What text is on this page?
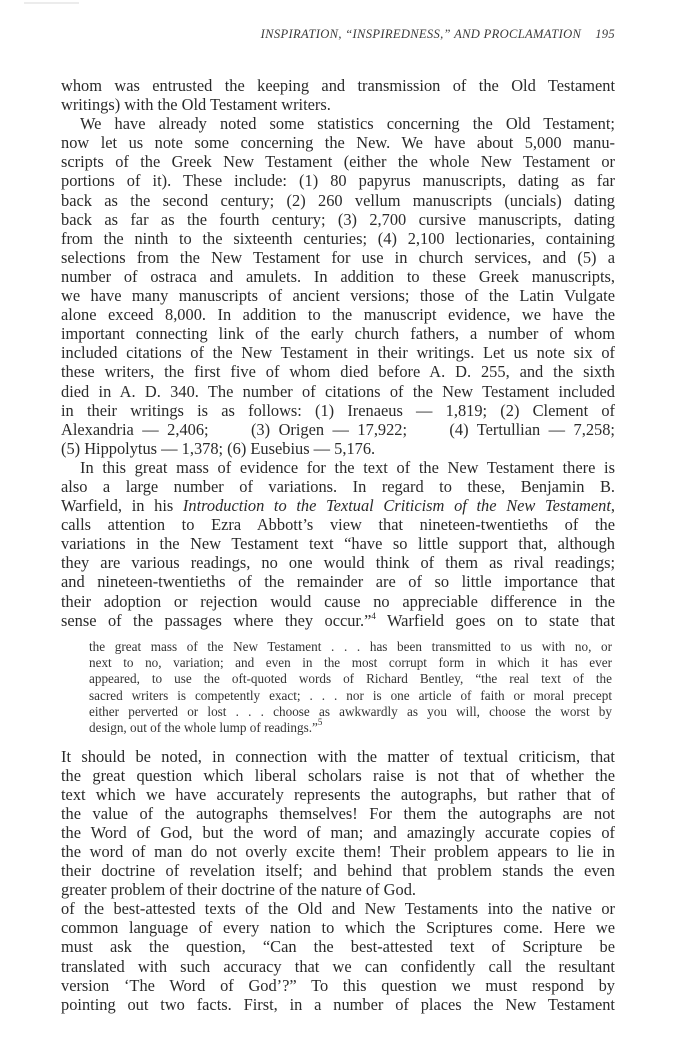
INSPIRATION, “INSPIREDNESS,” AND PROCLAMATION 195
whom was entrusted the keeping and transmission of the Old Testament
writings) with the Old Testament writers.
We have already noted some statistics concerning the Old Testament;
now let us note some concerning the New. We have about 5,000 manu-
scripts of the Greek New Testament (either the whole New Testament or
portions of it). These include: (1) 80 papyrus manuscripts, dating as far
back as the second century; (2) 260 vellum manuscripts (uncials) dating
back as far as the fourth century; (3) 2,700 cursive manuscripts, dating
from the ninth to the sixteenth centuries; (4) 2,100 lectionaries, containing
selections from the New Testament for use in church services, and (5) a
number of ostraca and amulets. In addition to these Greek manuscripts,
we have many manuscripts of ancient versions; those of the Latin Vulgate
alone exceed 8,000. In addition to the manuscript evidence, we have the
important connecting link of the early church fathers, a number of whom
included citations of the New Testament in their writings. Let us note six of
these writers, the first five of whom died before A. D. 255, and the sixth
died in A. D. 340. The number of citations of the New Testament included
in their writings is as follows: (1) Irenaeus — 1,819; (2) Clement of
Alexandria — 2,406;     (3) Origen — 17,922;     (4) Tertullian — 7,258;
(5) Hippolytus — 1,378; (6) Eusebius — 5,176.
In this great mass of evidence for the text of the New Testament there is
also a large number of variations. In regard to these, Benjamin B.
Warfield, in his Introduction to the Textual Criticism of the New Testament,
calls attention to Ezra Abbott’s view that nineteen-twentieths of the
variations in the New Testament text “have so little support that, although
they are various readings, no one would think of them as rival readings;
and nineteen-twentieths of the remainder are of so little importance that
their adoption or rejection would cause no appreciable difference in the
sense of the passages where they occur.”$^4$ Warfield goes on to state that
the great mass of the New Testament . . . has been transmitted to us with no, or
next to no, variation; and even in the most corrupt form in which it has ever
appeared, to use the oft-quoted words of Richard Bentley, “the real text of the
sacred writers is competently exact; . . . nor is one article of faith or moral precept
either perverted or lost . . . choose as awkwardly as you will, choose the worst by
design, out of the whole lump of readings.”$^5$
It should be noted, in connection with the matter of textual criticism, that
the great question which liberal scholars raise is not that of whether the
text which we have accurately represents the autographs, but rather that of
the value of the autographs themselves! For them the autographs are not
the Word of God, but the word of man; and amazingly accurate copies of
the word of man do not overly excite them! Their problem appears to lie in
their doctrine of revelation itself; and behind that problem stands the even
greater problem of their doctrine of the nature of God.
of the best-attested texts of the Old and New Testaments into the native or
common language of every nation to which the Scriptures come. Here we
must ask the question, “Can the best-attested text of Scripture be
translated with such accuracy that we can confidently call the resultant
version ‘The Word of God’?” To this question we must respond by
pointing out two facts. First, in a number of places the New Testament
